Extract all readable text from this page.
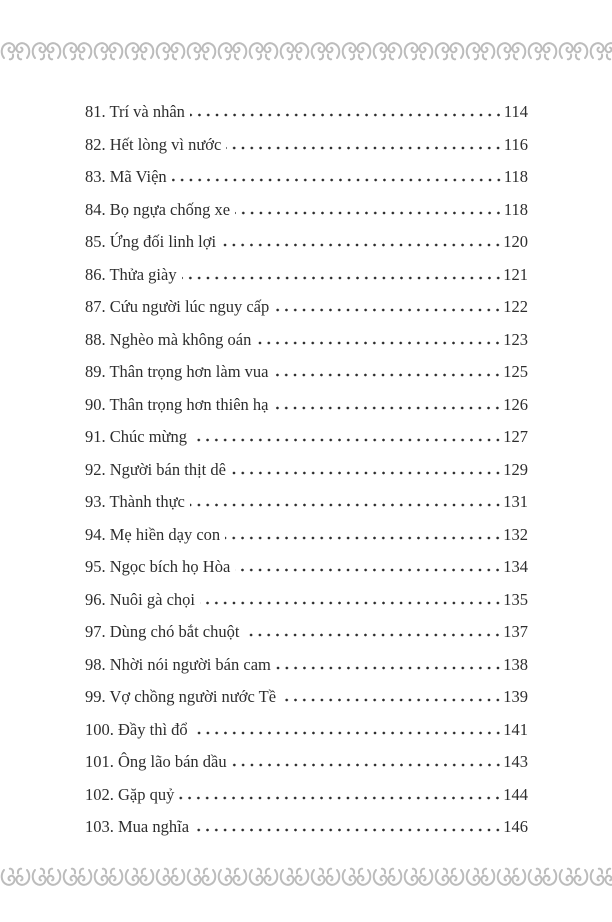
81. Trí và nhân	114
82. Hết lòng vì nước	116
83. Mã Viện	118
84. Bọ ngựa chống xe	118
85. Ứng đối linh lợi	120
86. Thửa giày	121
87. Cứu người lúc nguy cấp	122
88. Nghèo mà không oán	123
89. Thân trọng hơn làm vua	125
90. Thân trọng hơn thiên hạ	126
91. Chúc mừng	127
92. Người bán thịt dê	129
93. Thành thực	131
94. Mẹ hiền dạy con	132
95. Ngọc bích họ Hòa	134
96. Nuôi gà chọi	135
97. Dùng chó bắt chuột	137
98. Nhời nói người bán cam	138
99. Vợ chồng người nước Tề	139
100. Đầy thì đổ	141
101. Ông lão bán dầu	143
102. Gặp quỷ	144
103. Mua nghĩa	146
